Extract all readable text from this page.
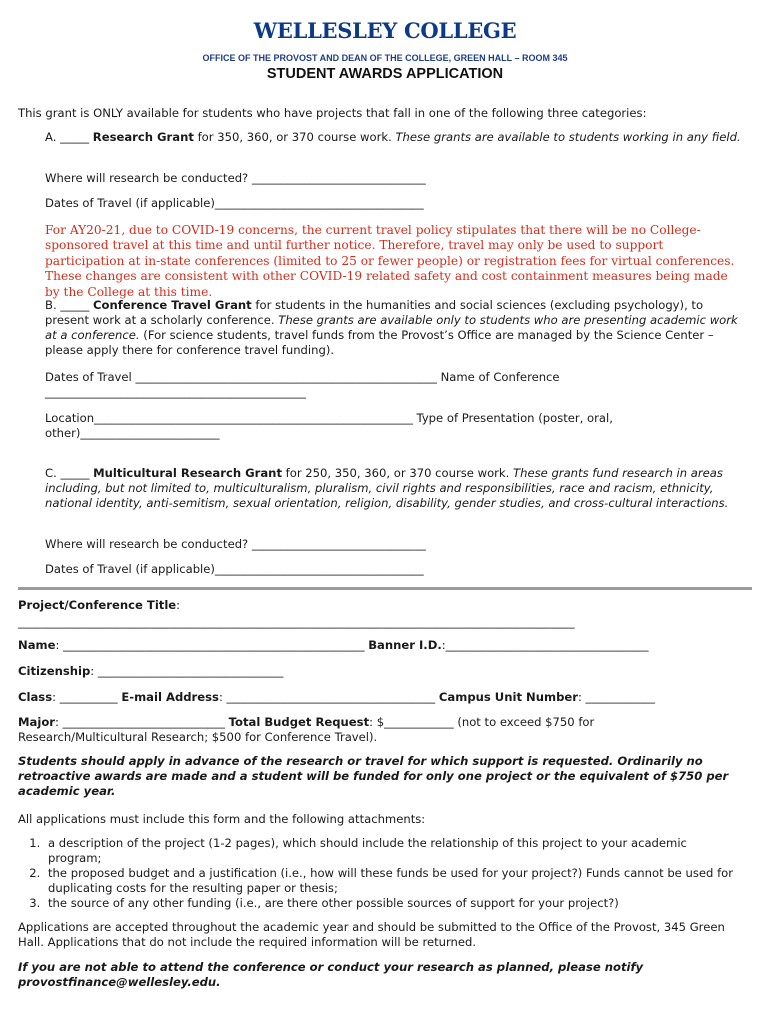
WELLESLEY COLLEGE
OFFICE OF THE PROVOST AND DEAN OF THE COLLEGE, GREEN HALL – ROOM 345
STUDENT AWARDS APPLICATION
This grant is ONLY available for students who have projects that fall in one of the following three categories:
A. _____ Research Grant for 350, 360, or 370 course work. These grants are available to students working in any field.
Where will research be conducted? ______________________________
Dates of Travel (if applicable)____________________________________
For AY20-21, due to COVID-19 concerns, the current travel policy stipulates that there will be no College-sponsored travel at this time and until further notice. Therefore, travel may only be used to support participation at in-state conferences (limited to 25 or fewer people) or registration fees for virtual conferences. These changes are consistent with other COVID-19 related safety and cost containment measures being made by the College at this time.
B. _____ Conference Travel Grant for students in the humanities and social sciences (excluding psychology), to present work at a scholarly conference. These grants are available only to students who are presenting academic work at a conference. (For science students, travel funds from the Provost’s Office are managed by the Science Center – please apply there for conference travel funding).
Dates of Travel ____________________________________________________ Name of Conference _____________________________________________
Location_______________________________________________________ Type of Presentation (poster, oral, other)________________________
C. _____ Multicultural Research Grant for 250, 350, 360, or 370 course work. These grants fund research in areas including, but not limited to, multiculturalism, pluralism, civil rights and responsibilities, race and racism, ethnicity, national identity, anti-semitism, sexual orientation, religion, disability, gender studies, and cross-cultural interactions.
Where will research be conducted? ______________________________
Dates of Travel (if applicable)____________________________________
Project/Conference Title:
________________________________________________________________________________________________
Name: ____________________________________________________ Banner I.D.:___________________________________
Citizenship: ________________________________
Class: __________ E-mail Address: ____________________________________ Campus Unit Number: ____________
Major: ____________________________ Total Budget Request: $____________ (not to exceed $750 for Research/Multicultural Research; $500 for Conference Travel).
Students should apply in advance of the research or travel for which support is requested. Ordinarily no retroactive awards are made and a student will be funded for only one project or the equivalent of $750 per academic year.
All applications must include this form and the following attachments:
1. a description of the project (1-2 pages), which should include the relationship of this project to your academic program;
2. the proposed budget and a justification (i.e., how will these funds be used for your project?) Funds cannot be used for duplicating costs for the resulting paper or thesis;
3. the source of any other funding (i.e., are there other possible sources of support for your project?)
Applications are accepted throughout the academic year and should be submitted to the Office of the Provost, 345 Green Hall. Applications that do not include the required information will be returned.
If you are not able to attend the conference or conduct your research as planned, please notify provostfinance@wellesley.edu.
